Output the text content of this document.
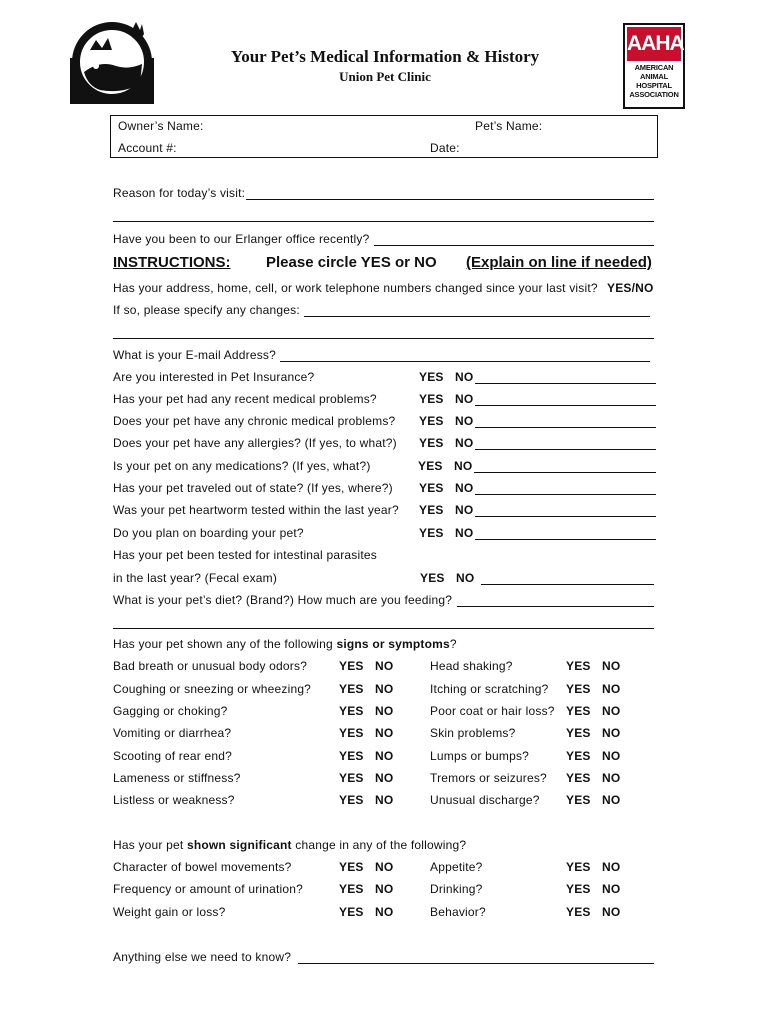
Your Pet’s Medical Information & History
Union Pet Clinic
AAHA
AMERICAN
ANIMAL
HOSPITAL
ASSOCIATION
Owner’s Name:	Pet’s Name:
Account #:	Date:
Reason for today’s visit:
Have you been to our Erlanger office recently?
INSTRUCTIONS: Please circle YES or NO (Explain on line if needed)
Has your address, home, cell, or work telephone numbers changed since your last visit? YES/NO
If so, please specify any changes:
What is your E-mail Address?
Are you interested in Pet Insurance?	YES NO
Has your pet had any recent medical problems?	YES NO
Does your pet have any chronic medical problems? YES NO
Does your pet have any allergies? (If yes, to what?) YES NO
Is your pet on any medications? (If yes, what?)	YES NO
Has your pet traveled out of state? (If yes, where?) YES NO
Was your pet heartworm tested within the last year? YES NO
Do you plan on boarding your pet?	YES NO
Has your pet been tested for intestinal parasites
in the last year? (Fecal exam)	YES NO
What is your pet’s diet? (Brand?) How much are you feeding?
Has your pet shown any of the following signs or symptoms?
Bad breath or unusual body odors?	YES NO	Head shaking?	YES NO
Coughing or sneezing or wheezing? YES NO	Itching or scratching? YES NO
Gagging or choking?	YES NO	Poor coat or hair loss? YES NO
Vomiting or diarrhea?	YES NO	Skin problems?	YES NO
Scooting of rear end?	YES NO	Lumps or bumps?	YES NO
Lameness or stiffness?	YES NO	Tremors or seizures? YES NO
Listless or weakness?	YES NO	Unusual discharge? YES NO
Has your pet shown significant change in any of the following?
Character of bowel movements?	YES NO	Appetite?	YES NO
Frequency or amount of urination?	YES NO	Drinking?	YES NO
Weight gain or loss?	YES NO	Behavior?	YES NO
Anything else we need to know?
